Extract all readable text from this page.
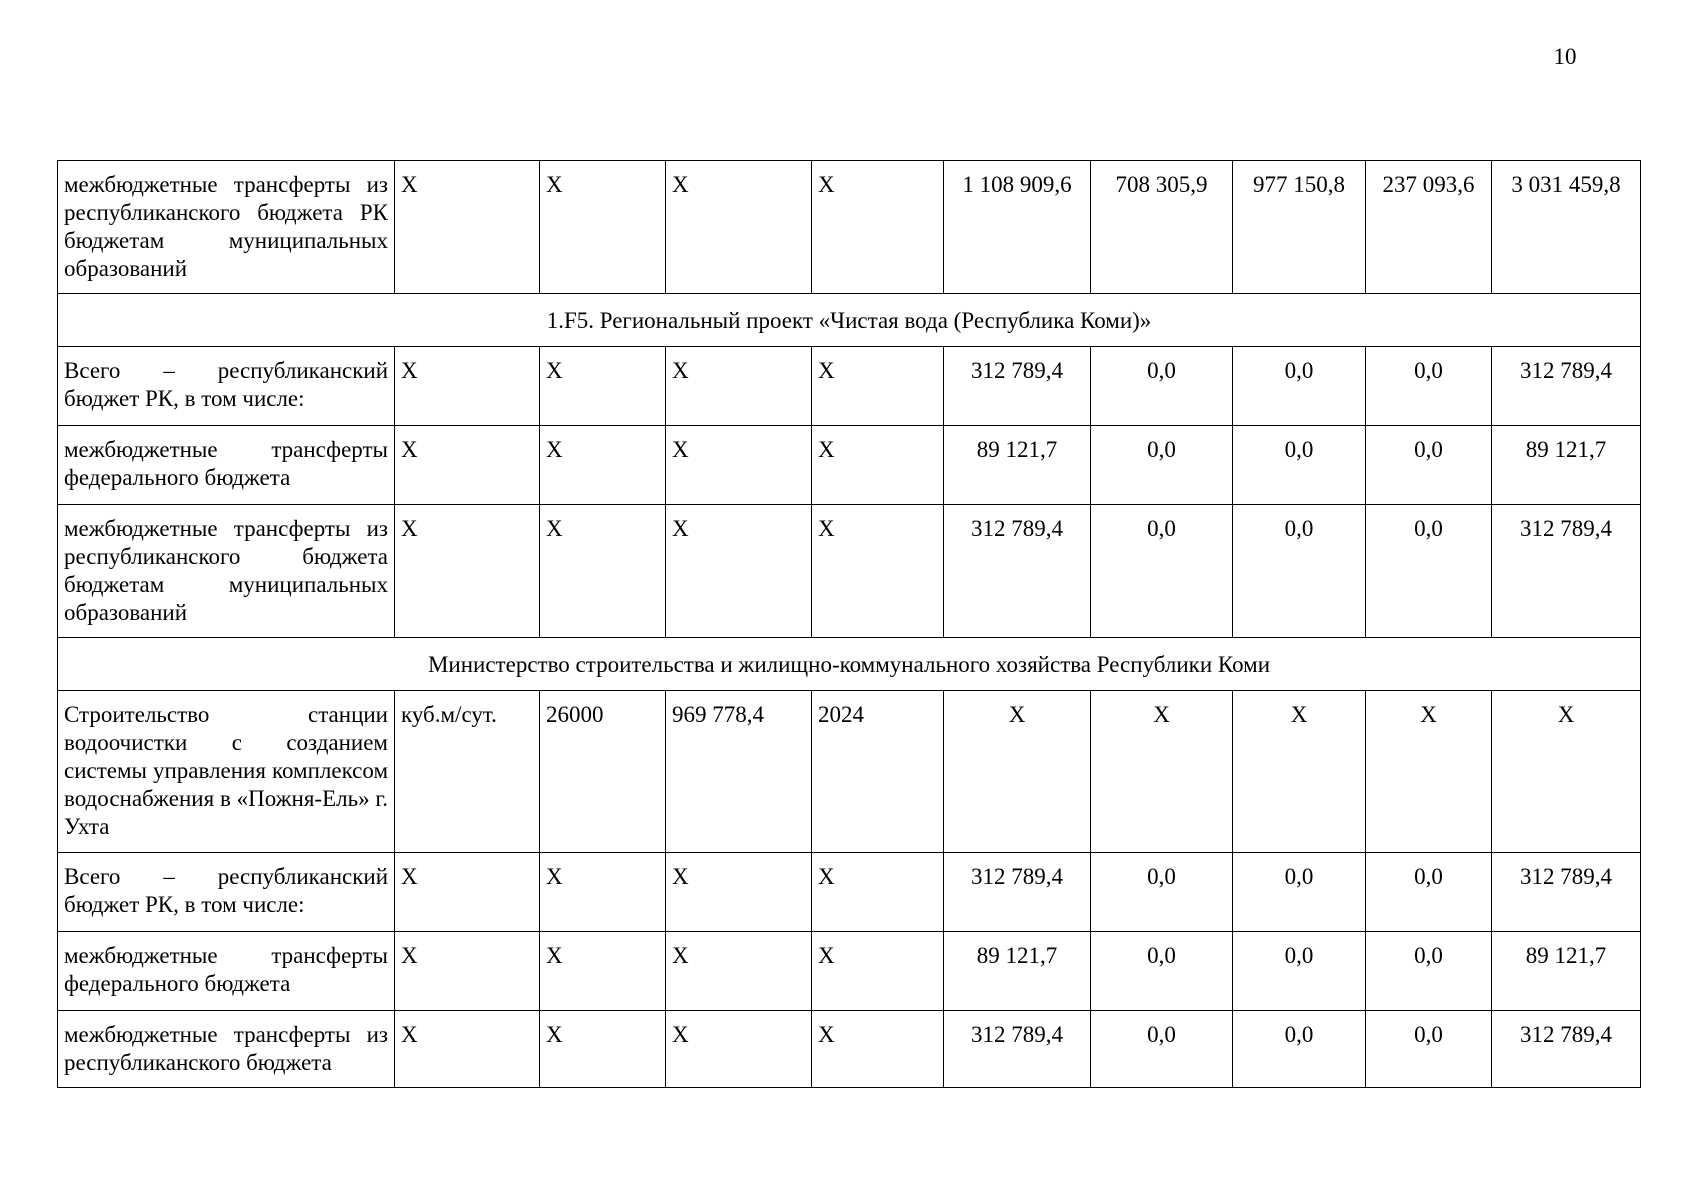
10
межбюджетные трансферты из республиканского бюджета РК бюджетам муниципальных образований	X	X	X	X	1 108 909,6	708 305,9	977 150,8	237 093,6	3 031 459,8
1.F5. Региональный проект «Чистая вода (Республика Коми)»									
Всего – республиканский бюджет РК, в том числе:	X	X	X	X	312 789,4	0,0	0,0	0,0	312 789,4
межбюджетные трансферты федерального бюджета	X	X	X	X	89 121,7	0,0	0,0	0,0	89 121,7
межбюджетные трансферты из республиканского бюджета бюджетам муниципальных образований	X	X	X	X	312 789,4	0,0	0,0	0,0	312 789,4
Министерство строительства и жилищно-коммунального хозяйства Республики Коми									
Строительство станции водоочистки с созданием системы управления комплексом водоснабжения в «Пожня-Ель» г. Ухта	куб.м/сут.	26000	969 778,4	2024	X	X	X	X	X
Всего – республиканский бюджет РК, в том числе:	X	X	X	X	312 789,4	0,0	0,0	0,0	312 789,4
межбюджетные трансферты федерального бюджета	X	X	X	X	89 121,7	0,0	0,0	0,0	89 121,7
межбюджетные трансферты из республиканского бюджета	X	X	X	X	312 789,4	0,0	0,0	0,0	312 789,4
